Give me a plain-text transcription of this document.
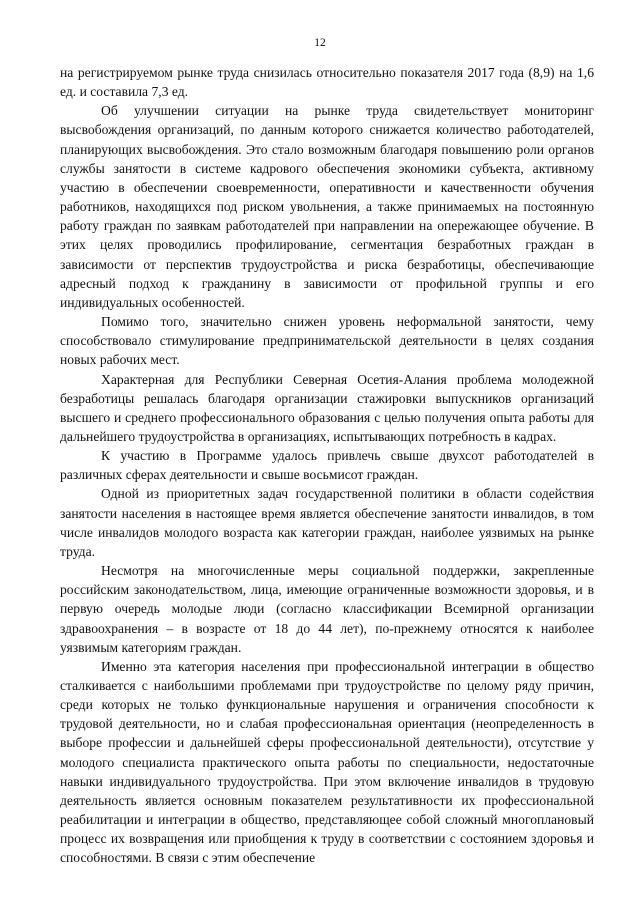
12

на регистрируемом рынке труда снизилась относительно показателя 2017 года (8,9) на 1,6 ед. и составила 7,3 ед.

Об улучшении ситуации на рынке труда свидетельствует мониторинг высвобождения организаций, по данным которого снижается количество работодателей, планирующих высвобождения. Это стало возможным благодаря повышению роли органов службы занятости в системе кадрового обеспечения экономики субъекта, активному участию в обеспечении своевременности, оперативности и качественности обучения работников, находящихся под риском увольнения, а также принимаемых на постоянную работу граждан по заявкам работодателей при направлении на опережающее обучение. В этих целях проводились профилирование, сегментация безработных граждан в зависимости от перспектив трудоустройства и риска безработицы, обеспечивающие адресный подход к гражданину в зависимости от профильной группы и его индивидуальных особенностей.

Помимо того, значительно снижен уровень неформальной занятости, чему способствовало стимулирование предпринимательской деятельности в целях создания новых рабочих мест.

Характерная для Республики Северная Осетия-Алания проблема молодежной безработицы решалась благодаря организации стажировки выпускников организаций высшего и среднего профессионального образования с целью получения опыта работы для дальнейшего трудоустройства в организациях, испытывающих потребность в кадрах.

К участию в Программе удалось привлечь свыше двухсот работодателей в различных сферах деятельности и свыше восьмисот граждан.

Одной из приоритетных задач государственной политики в области содействия занятости населения в настоящее время является обеспечение занятости инвалидов, в том числе инвалидов молодого возраста как категории граждан, наиболее уязвимых на рынке труда.

Несмотря на многочисленные меры социальной поддержки, закрепленные российским законодательством, лица, имеющие ограниченные возможности здоровья, и в первую очередь молодые люди (согласно классификации Всемирной организации здравоохранения – в возрасте от 18 до 44 лет), по-прежнему относятся к наиболее уязвимым категориям граждан.

Именно эта категория населения при профессиональной интеграции в общество сталкивается с наибольшими проблемами при трудоустройстве по целому ряду причин, среди которых не только функциональные нарушения и ограничения способности к трудовой деятельности, но и слабая профессиональная ориентация (неопределенность в выборе профессии и дальнейшей сферы профессиональной деятельности), отсутствие у молодого специалиста практического опыта работы по специальности, недостаточные навыки индивидуального трудоустройства. При этом включение инвалидов в трудовую деятельность является основным показателем результативности их профессиональной реабилитации и интеграции в общество, представляющее собой сложный многоплановый процесс их возвращения или приобщения к труду в соответствии с состоянием здоровья и способностями. В связи с этим обеспечение
